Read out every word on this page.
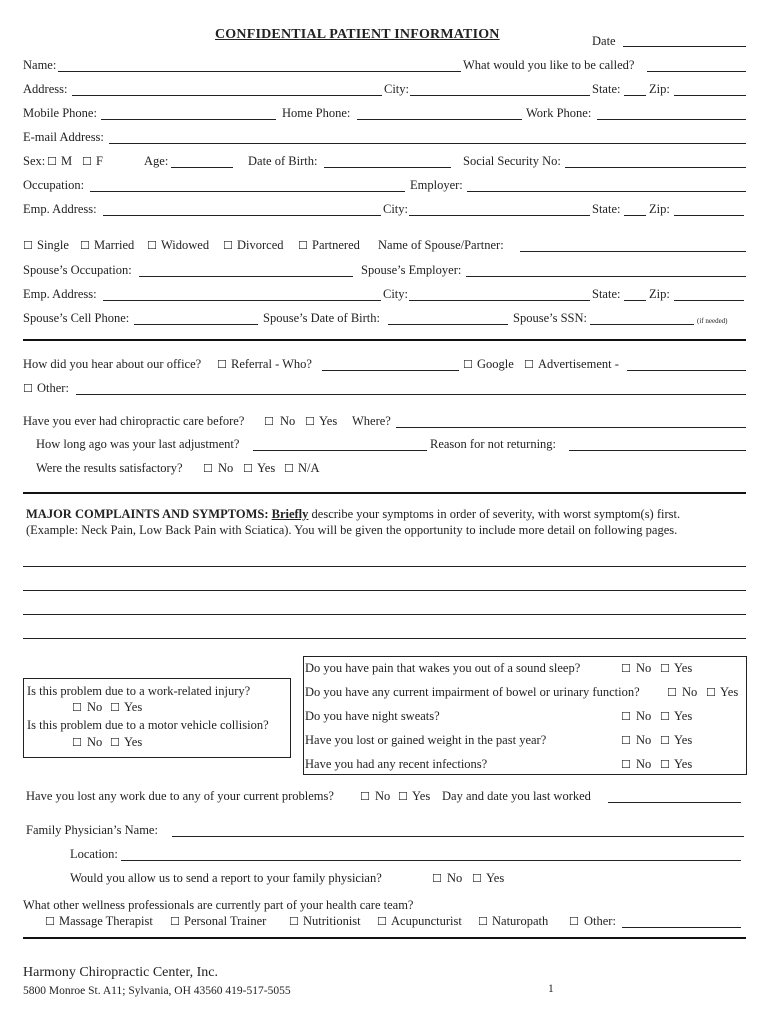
CONFIDENTIAL PATIENT INFORMATION	Date
Name:	What would you like to be called?
Address:	City:	State: Zip:
Mobile Phone:	Home Phone:	Work Phone:
E-mail Address:
Sex: ☐ M ☐ F	Age:	Date of Birth:	Social Security No:
Occupation:	Employer:
Emp. Address:	City:	State: Zip:
☐ Single ☐ Married ☐ Widowed ☐ Divorced ☐ Partnered Name of Spouse/Partner:
Spouse’s Occupation:	Spouse’s Employer:
Emp. Address:	City:	State: Zip:
Spouse’s Cell Phone:	Spouse’s Date of Birth:	Spouse’s SSN:	(if needed)
How did you hear about our office? ☐ Referral - Who?	☐ Google ☐ Advertisement -
☐ Other:
Have you ever had chiropractic care before? ☐ No ☐ Yes Where?
How long ago was your last adjustment?	Reason for not returning:
Were the results satisfactory? ☐ No ☐ Yes ☐ N/A
MAJOR COMPLAINTS AND SYMPTOMS: Briefly describe your symptoms in order of severity, with worst symptom(s) first.
(Example: Neck Pain, Low Back Pain with Sciatica). You will be given the opportunity to include more detail on following pages.
Is this problem due to a work-related injury?
☐ No ☐ Yes
Is this problem due to a motor vehicle collision?
☐ No ☐ Yes
Do you have pain that wakes you out of a sound sleep?	☐ No ☐ Yes
Do you have any current impairment of bowel or urinary function? ☐ No ☐ Yes
Do you have night sweats?	☐ No ☐ Yes
Have you lost or gained weight in the past year?	☐ No ☐ Yes
Have you had any recent infections?	☐ No ☐ Yes
Have you lost any work due to any of your current problems? ☐ No ☐ Yes Day and date you last worked
Family Physician’s Name:
Location:
Would you allow us to send a report to your family physician?	☐ No ☐ Yes
What other wellness professionals are currently part of your health care team?
☐ Massage Therapist ☐ Personal Trainer ☐ Nutritionist ☐ Acupuncturist ☐ Naturopath ☐ Other:
Harmony Chiropractic Center, Inc.
5800 Monroe St. A11; Sylvania, OH 43560 419-517-5055	1
